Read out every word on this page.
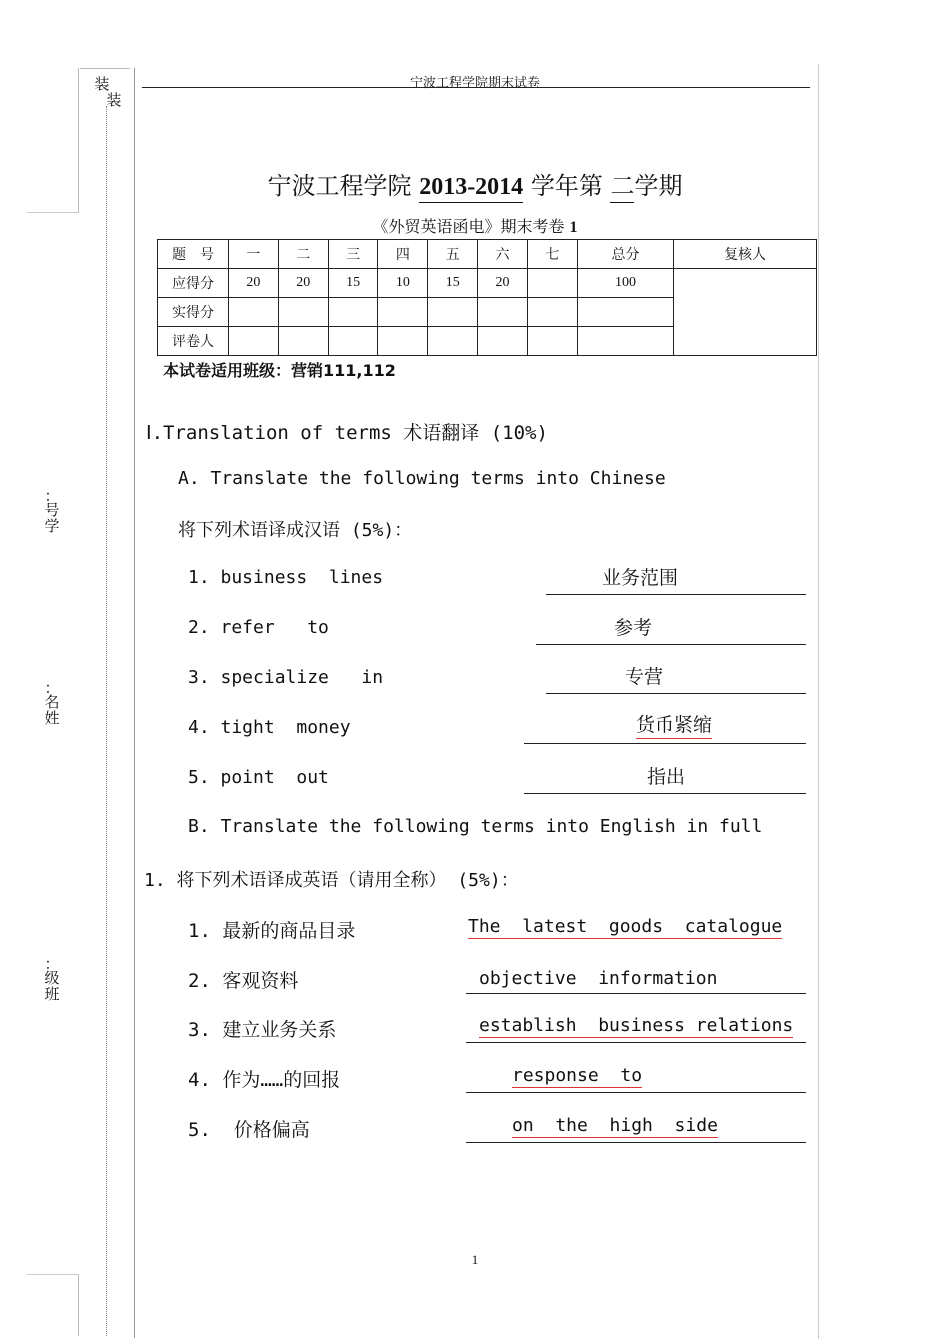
装
装
：
号
学
：
名
姓
：
级
班
宁波工程学院期末试卷
宁波工程学院 2013-2014 学年第 二学期
《外贸英语函电》期末考卷 1
题　号	一	二	三	四	五	六	七	总分	复核人
应得分	20	20	15	10	15	20		100	
实得分									
评卷人									
本试卷适用班级：营销111,112
Ⅰ.Translation of terms 术语翻译 (10%)
A. Translate the following terms into Chinese
将下列术语译成汉语 (5%)：
1. business  lines	业务范围
2. refer   to	参考
3. specialize   in	专营
4. tight  money	货币紧缩
5. point  out	指出
B. Translate the following terms into English in full
1. 将下列术语译成英语（请用全称） (5%)：
1. 最新的商品目录	The  latest  goods  catalogue
2. 客观资料	objective  information
3. 建立业务关系	establish  business relations
4. 作为……的回报	response  to
5.  价格偏高	on  the  high  side
1
